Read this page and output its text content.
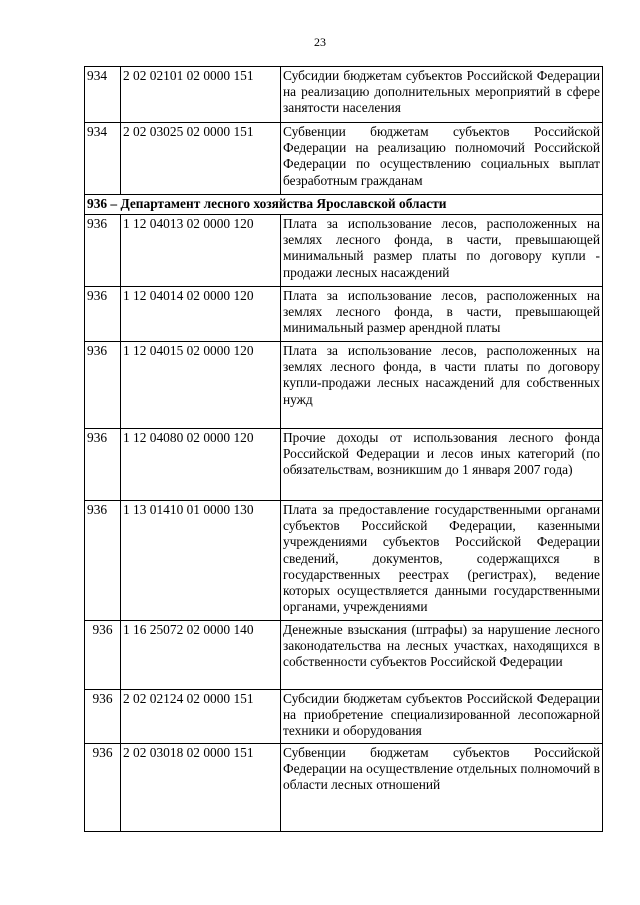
23
934	2 02 02101 02 0000 151	Субсидии бюджетам субъектов Российской Федерации на реализацию дополнительных мероприятий в сфере занятости населения
934	2 02 03025 02 0000 151	Субвенции бюджетам субъектов Российской Федерации на реализацию полномочий Российской Федерации по осуществлению социальных выплат безработным гражданам
936 – Департамент лесного хозяйства Ярославской области		
936	1 12 04013 02 0000 120	Плата за использование лесов, расположенных на землях лесного фонда, в части, превышающей минимальный размер платы по договору купли - продажи лесных насаждений
936	1 12 04014 02 0000 120	Плата за использование лесов, расположенных на землях лесного фонда, в части, превышающей минимальный размер арендной платы
936	1 12 04015 02 0000 120	Плата за использование лесов, расположенных на землях лесного фонда, в части платы по договору купли-продажи лесных насаждений для собственных нужд
936	1 12 04080 02 0000 120	Прочие доходы от использования лесного фонда Российской Федерации и лесов иных категорий (по обязательствам, возникшим до 1 января 2007 года)
936	1 13 01410 01 0000 130	Плата за предоставление государственными органами субъектов Российской Федерации, казенными учреждениями субъектов Российской Федерации сведений, документов, содержащихся в государственных реестрах (регистрах), ведение которых осуществляется данными государственными органами, учреждениями
936	1 16 25072 02 0000 140	Денежные взыскания (штрафы) за нарушение лесного законодательства на лесных участках, находящихся в собственности субъектов Российской Федерации
936	2 02 02124 02 0000 151	Субсидии бюджетам субъектов Российской Федерации на приобретение специализированной лесопожарной техники и оборудования
936	2 02 03018 02 0000 151	Субвенции бюджетам субъектов Российской Федерации на осуществление отдельных полномочий в области лесных отношений
